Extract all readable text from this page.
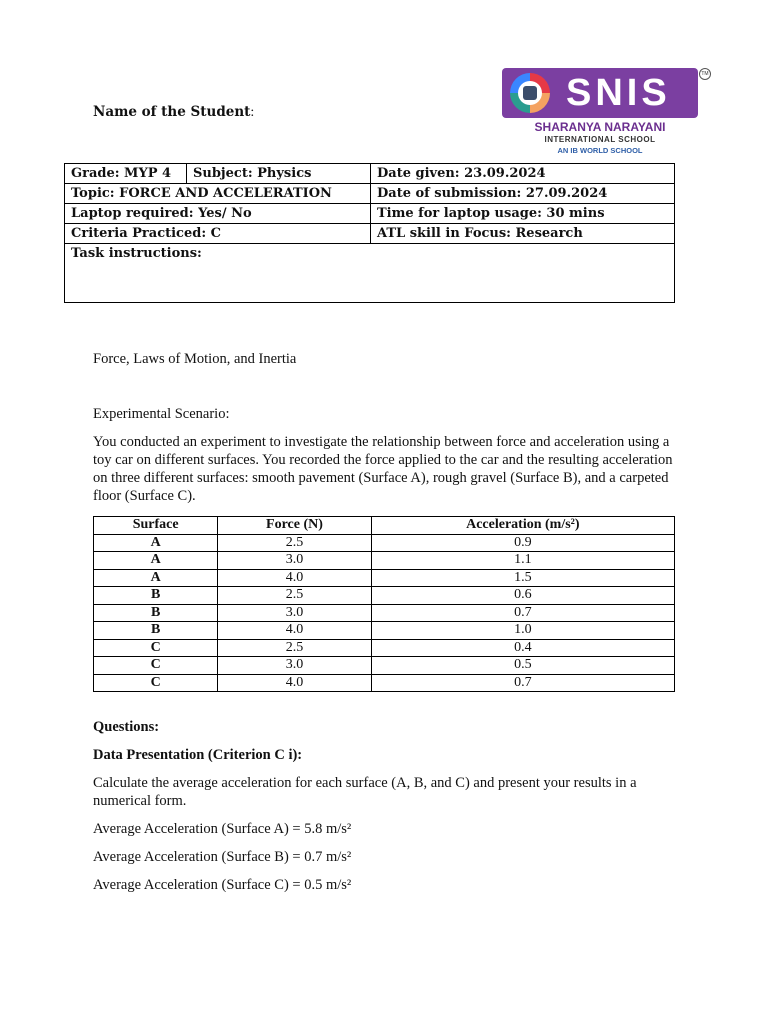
Name of the Student:	SNIS	TM
SHARANYA NARAYANI
INTERNATIONAL SCHOOL
AN IB WORLD SCHOOL
Grade: MYP 4	Subject: Physics	Date given: 23.09.2024
Topic: FORCE AND ACCELERATION		Date of submission: 27.09.2024
Laptop required: Yes/ No		Time for laptop usage: 30 mins
Criteria Practiced: C		ATL skill in Focus: Research
Task instructions:		
Force, Laws of Motion, and Inertia
Experimental Scenario:
You conducted an experiment to investigate the relationship between force and acceleration using a toy car on different surfaces. You recorded the force applied to the car and the resulting acceleration on three different surfaces: smooth pavement (Surface A), rough gravel (Surface B), and a carpeted floor (Surface C).
Surface	Force (N)	Acceleration (m/s²)
A	2.5	0.9
A	3.0	1.1
A	4.0	1.5
B	2.5	0.6
B	3.0	0.7
B	4.0	1.0
C	2.5	0.4
C	3.0	0.5
C	4.0	0.7
Questions:
Data Presentation (Criterion C i):
Calculate the average acceleration for each surface (A, B, and C) and present your results in a numerical form.
Average Acceleration (Surface A) = 5.8 m/s²
Average Acceleration (Surface B) = 0.7 m/s²
Average Acceleration (Surface C) = 0.5 m/s²
